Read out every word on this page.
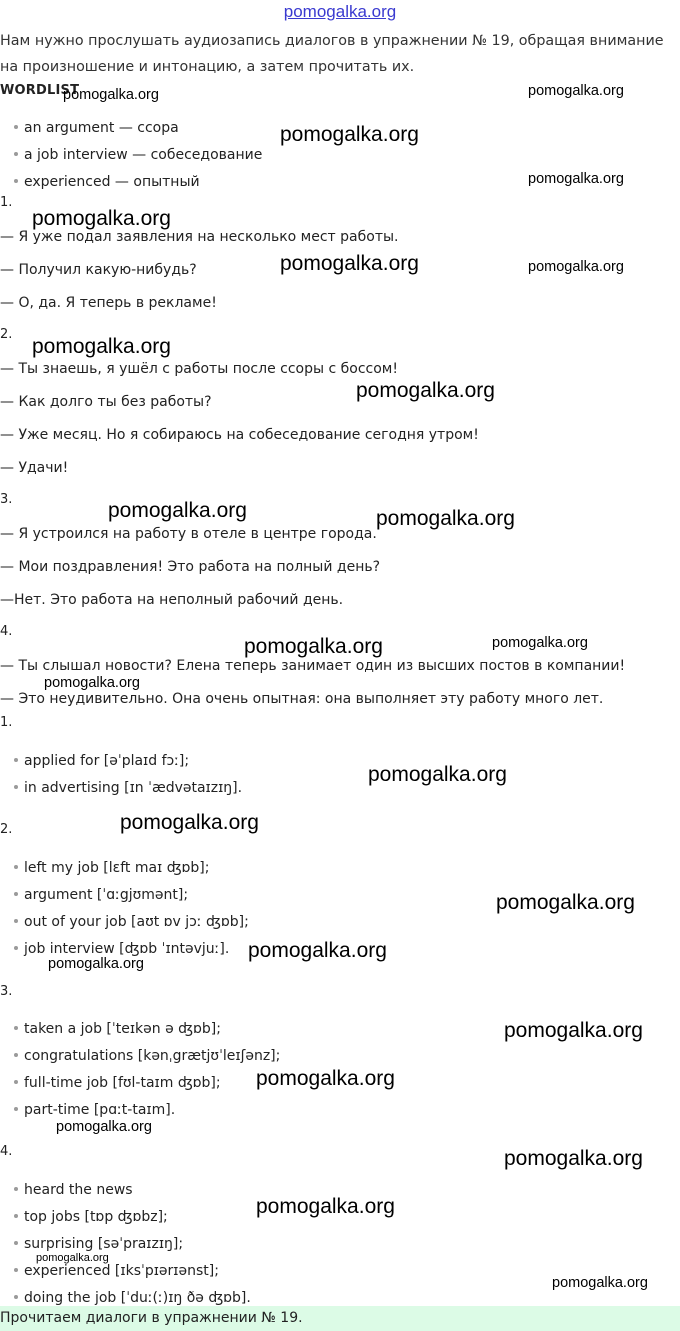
pomogalka.org
Нам нужно прослушать аудиозапись диалогов в упражнении № 19, обращая внимание на произношение и интонацию, а затем прочитать их.
WORDLIST
an argument — ссора
a job interview — собеседование
experienced — опытный
1.
— Я уже подал заявления на несколько мест работы.
— Получил какую-нибудь?
— О, да. Я теперь в рекламе!
2.
— Ты знаешь, я ушёл с работы после ссоры с боссом!
— Как долго ты без работы?
— Уже месяц. Но я собираюсь на собеседование сегодня утром!
— Удачи!
3.
— Я устроился на работу в отеле в центре города.
— Мои поздравления! Это работа на полный день?
—Нет. Это работа на неполный рабочий день.
4.
— Ты слышал новости? Елена теперь занимает один из высших постов в компании!
— Это неудивительно. Она очень опытная: она выполняет эту работу много лет.
1.
applied for [əˈplaɪd fɔː];
in advertising [ɪn ˈædvətaɪzɪŋ].
2.
left my job [lɛft maɪ ʤɒb];
argument [ˈɑːgjʊmənt];
out of your job [aʊt ɒv jɔː ʤɒb];
job interview [ʤɒb ˈɪntəvjuː].
3.
taken a job [ˈteɪkən ə ʤɒb];
congratulations [kənˌgrætjʊˈleɪʃənz];
full-time job [fʊl-taɪm ʤɒb];
part-time [pɑːt-taɪm].
4.
heard the news
top jobs [tɒp ʤɒbz];
surprising [səˈpraɪzɪŋ];
experienced [ɪksˈpɪərɪənst];
doing the job [ˈduː(ː)ɪŋ ðə ʤɒb].
Прочитаем диалоги в упражнении № 19.
pomogalka.org	pomogalka.org
pomogalka.org
pomogalka.org
pomogalka.org
pomogalka.org	pomogalka.org
pomogalka.org
pomogalka.org
pomogalka.org	pomogalka.org
pomogalka.org	pomogalka.org
pomogalka.org
pomogalka.org
pomogalka.org
pomogalka.org
pomogalka.org
pomogalka.org
pomogalka.org
pomogalka.org
pomogalka.org
pomogalka.org
pomogalka.org
pomogalka.org
pomogalka.org
